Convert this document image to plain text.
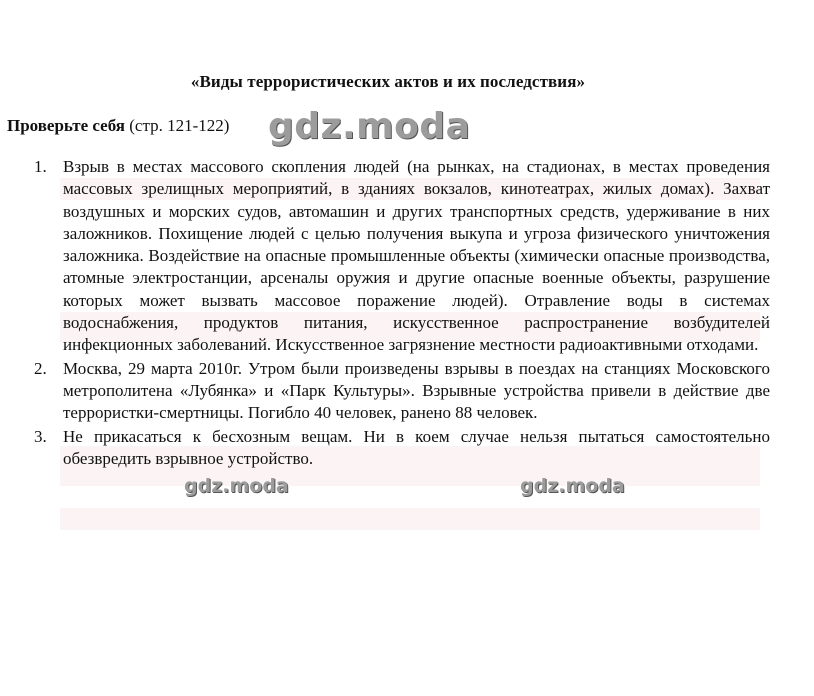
«Виды террористических актов и их последствия»
Проверьте себя (стр. 121-122)
1. Взрыв в местах массового скопления людей (на рынках, на стадионах, в местах проведения массовых зрелищных мероприятий, в зданиях вокзалов, кинотеатрах, жилых домах). Захват воздушных и морских судов, автомашин и других транспортных средств, удерживание в них заложников. Похищение людей с целью получения выкупа и угроза физического уничтожения заложника. Воздействие на опасные промышленные объекты (химически опасные производства, атомные электростанции, арсеналы оружия и другие опасные военные объекты, разрушение которых может вызвать массовое поражение людей). Отравление воды в системах водоснабжения, продуктов питания, искусственное распространение возбудителей инфекционных заболеваний. Искусственное загрязнение местности радиоактивными отходами.
2. Москва, 29 марта 2010г. Утром были произведены взрывы в поездах на станциях Московского метрополитена «Лубянка» и «Парк Культуры». Взрывные устройства привели в действие две террористки-смертницы. Погибло 40 человек, ранено 88 человек.
3. Не прикасаться к бесхозным вещам. Ни в коем случае нельзя пытаться самостоятельно обезвредить взрывное устройство.
gdz.moda
gdz.moda	gdz.moda
